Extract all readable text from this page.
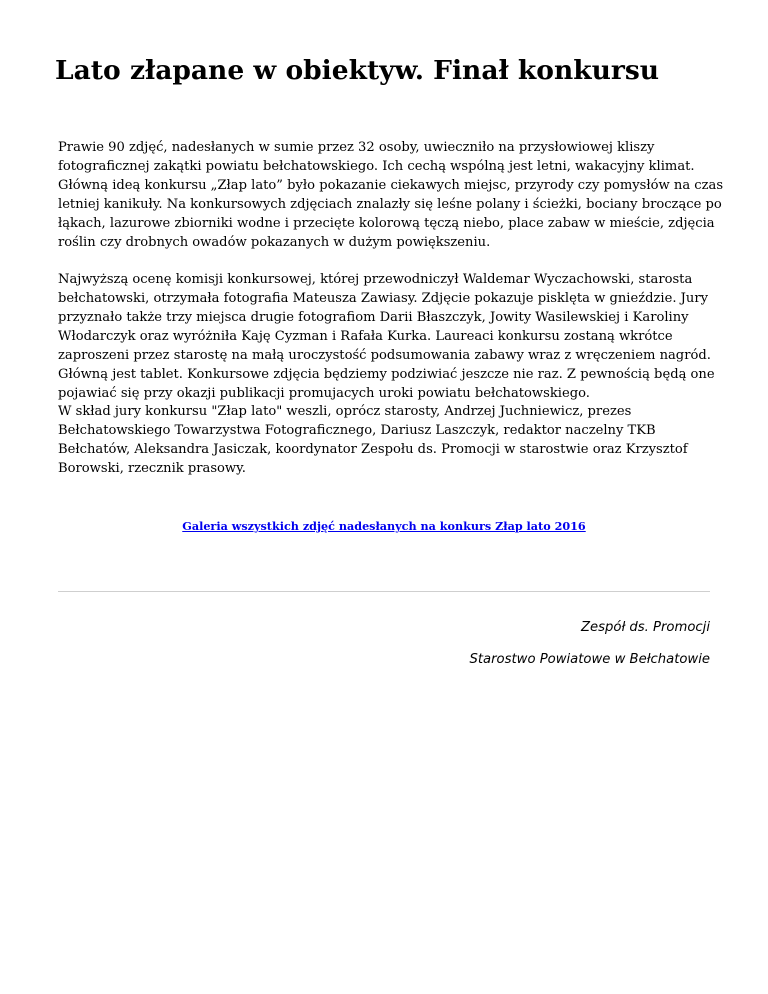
Lato złapane w obiektyw. Finał konkursu

Prawie 90 zdjęć, nadesłanych w sumie przez 32 osoby, uwieczniło na przysłowiowej kliszy
fotograficznej zakątki powiatu bełchatowskiego. Ich cechą wspólną jest letni, wakacyjny klimat.
Główną ideą konkursu „Złap lato” było pokazanie ciekawych miejsc, przyrody czy pomysłów na czas
letniej kanikuły. Na konkursowych zdjęciach znalazły się leśne polany i ścieżki, bociany broczące po
łąkach, lazurowe zbiorniki wodne i przecięte kolorową tęczą niebo, place zabaw w mieście, zdjęcia
roślin czy drobnych owadów pokazanych w dużym powiększeniu.

Najwyższą ocenę komisji konkursowej, której przewodniczył Waldemar Wyczachowski, starosta
bełchatowski, otrzymała fotografia Mateusza Zawiasy. Zdjęcie pokazuje pisklęta w gnieździe. Jury
przyznało także trzy miejsca drugie fotografiom Darii Błaszczyk, Jowity Wasilewskiej i Karoliny
Włodarczyk oraz wyróżniła Kaję Cyzman i Rafała Kurka. Laureaci konkursu zostaną wkrótce
zaproszeni przez starostę na małą uroczystość podsumowania zabawy wraz z wręczeniem nagród.
Główną jest tablet. Konkursowe zdjęcia będziemy podziwiać jeszcze nie raz. Z pewnością będą one
pojawiać się przy okazji publikacji promujacych uroki powiatu bełchatowskiego.

W skład jury konkursu "Złap lato" weszli, oprócz starosty, Andrzej Juchniewicz, prezes
Bełchatowskiego Towarzystwa Fotograficznego, Dariusz Laszczyk, redaktor naczelny TKB
Bełchatów, Aleksandra Jasiczak, koordynator Zespołu ds. Promocji w starostwie oraz Krzysztof
Borowski, rzecznik prasowy.

Galeria wszystkich zdjęć nadesłanych na konkurs Złap lato 2016
Zespół ds. Promocji
Starostwo Powiatowe w Bełchatowie
